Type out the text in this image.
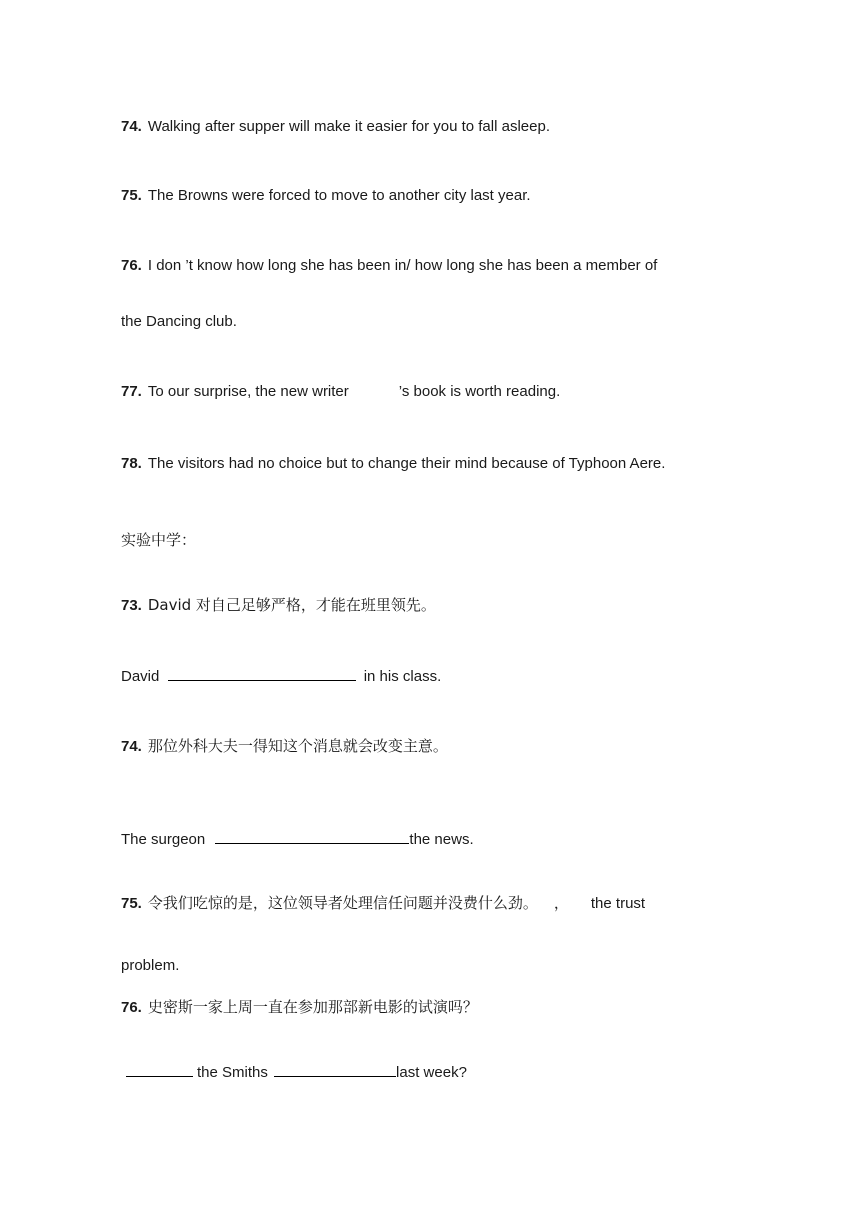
74. Walking after supper will make it easier for you to fall asleep.
75. The Browns were forced to move to another city last year.
76. I don ’t know how long she has been in/ how long she has been a member of
the Dancing club.
77. To our surprise, the new writer	’s book is worth reading.
78. The visitors had no choice but to change their mind because of Typhoon Aere.
实验中学：
73. David 对自己足够严格，才能在班里领先。
David	in his class.
74. 那位外科大夫一得知这个消息就会改变主意。
The surgeon	the news.
75. 令我们吃惊的是，这位领导者处理信任问题并没费什么劲。 ， the trust
problem.
76. 史密斯一家上周一直在参加那部新电影的试演吗？
the Smiths	last week?
